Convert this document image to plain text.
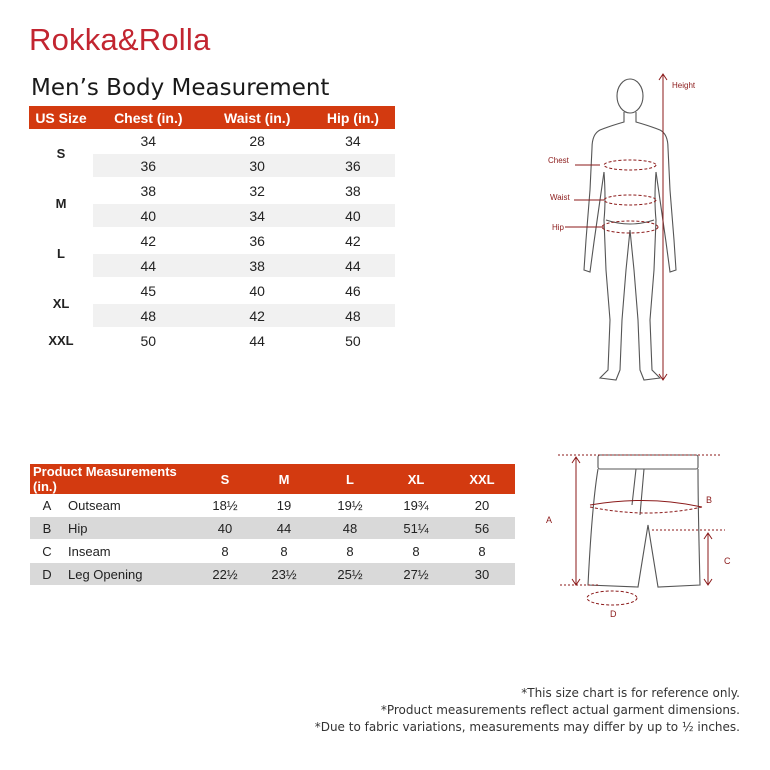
Rokka&Rolla
Men’s Body Measurement
US Size	Chest (in.)	Waist (in.)	Hip (in.)
S	34	28	34
	36	30	36
M	38	32	38
	40	34	40
L	42	36	42
	44	38	44
XL	45	40	46
	48	42	48
XXL	50	44	50
Height
Chest
Waist
Hip
Product Measurements (in.)		S	M	L	XL	XXL
A	Outseam	18½	19	19½	19¾	20
B	Hip	40	44	48	51¼	56
C	Inseam	8	8	8	8	8
D	Leg Opening	22½	23½	25½	27½	30
A
B
C
D
*This size chart is for reference only.
*Product measurements reflect actual garment dimensions.
*Due to fabric variations, measurements may differ by up to ½ inches.
